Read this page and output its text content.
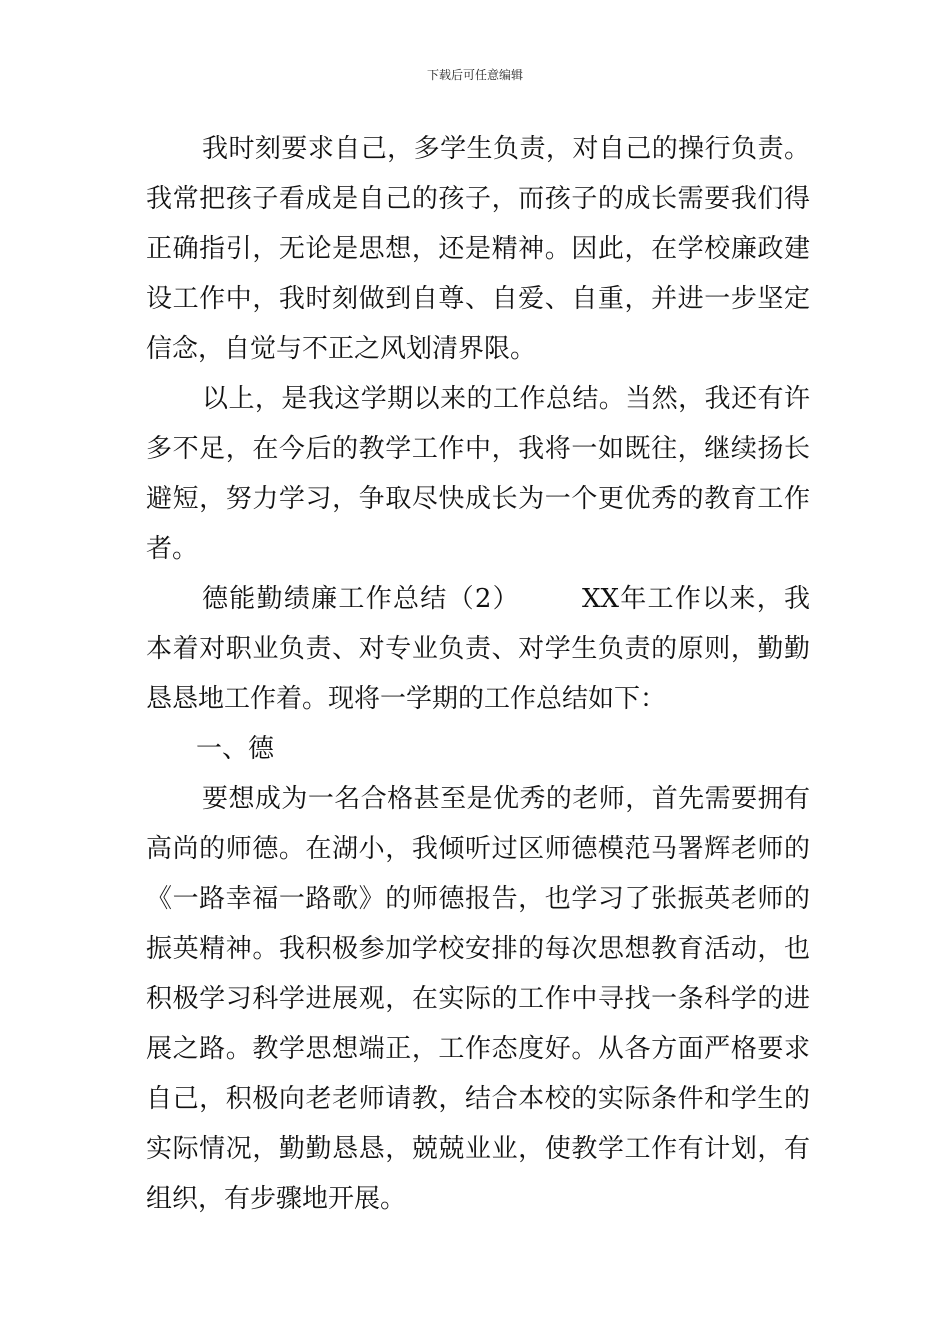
下载后可任意编辑

我时刻要求自己，多学生负责，对自己的操行负责。我常把孩子看成是自己的孩子，而孩子的成长需要我们得正确指引，无论是思想，还是精神。因此，在学校廉政建设工作中，我时刻做到自尊、自爱、自重，并进一步坚定信念，自觉与不正之风划清界限。

以上，是我这学期以来的工作总结。当然，我还有许多不足，在今后的教学工作中，我将一如既往，继续扬长避短，努力学习，争取尽快成长为一个更优秀的教育工作者。

德能勤绩廉工作总结（2） XX年工作以来，我本着对职业负责、对专业负责、对学生负责的原则，勤勤恳恳地工作着。现将一学期的工作总结如下：

一、德

要想成为一名合格甚至是优秀的老师，首先需要拥有高尚的师德。在湖小，我倾听过区师德模范马署辉老师的《一路幸福一路歌》的师德报告，也学习了张振英老师的振英精神。我积极参加学校安排的每次思想教育活动，也积极学习科学进展观，在实际的工作中寻找一条科学的进展之路。教学思想端正，工作态度好。从各方面严格要求自己，积极向老老师请教，结合本校的实际条件和学生的实际情况，勤勤恳恳，兢兢业业，使教学工作有计划，有组织，有步骤地开展。
